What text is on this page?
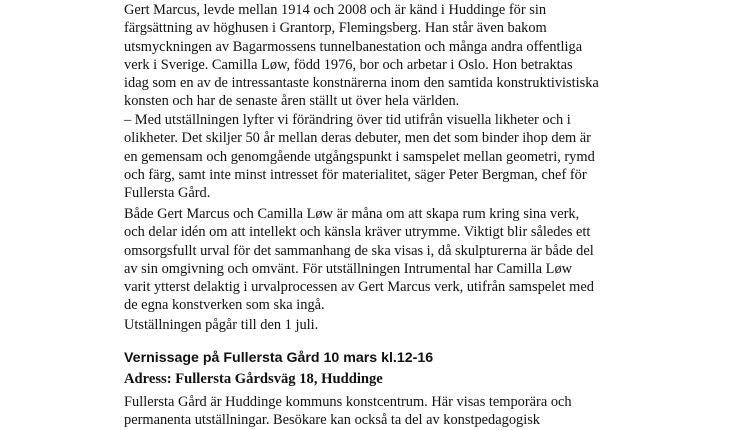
Gert Marcus, levde mellan 1914 och 2008 och är känd i Huddinge för sin
färgsättning av höghusen i Grantorp, Flemingsberg. Han står även bakom
utsmyckningen av Bagarmossens tunnelbanestation och många andra offentliga
verk i Sverige. Camilla Løw, född 1976, bor och arbetar i Oslo. Hon betraktas
idag som en av de intressantaste konstnärerna inom den samtida konstruktivistiska
konsten och har de senaste åren ställt ut över hela världen.
– Med utställningen lyfter vi förändring över tid utifrån visuella likheter och i
olikheter. Det skiljer 50 år mellan deras debuter, men det som binder ihop dem är
en gemensam och genomgående utgångspunkt i samspelet mellan geometri, rymd
och färg, samt inte minst intresset för materialitet, säger Peter Bergman, chef för
Fullersta Gård.
Både Gert Marcus och Camilla Løw är måna om att skapa rum kring sina verk,
och delar idén om att intellekt och känsla kräver utrymme. Viktigt blir således ett
omsorgsfullt urval för det sammanhang de ska visas i, då skulpturerna är både del
av sin omgivning och omvänt. För utställningen Intrumental har Camilla Løw
varit ytterst delaktig i urvalprocessen av Gert Marcus verk, utifrån samspelet med
de egna konstverken som ska ingå.
Utställningen pågår till den 1 juli.
Vernissage på Fullersta Gård 10 mars kl.12-16
Adress: Fullersta Gårdsväg 18, Huddinge
Fullersta Gård är Huddinge kommuns konstcentrum. Här visas temporära och
permanenta utställningar. Besökare kan också ta del av konstpedagogisk
